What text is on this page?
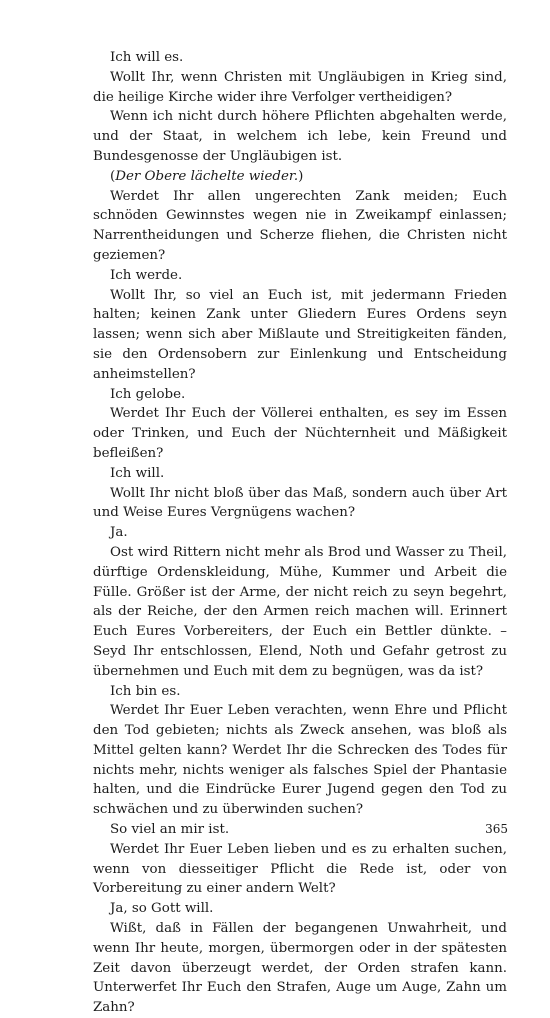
Ich will es.

Wollt Ihr, wenn Christen mit Ungläubigen in Krieg sind, die heilige Kirche wider ihre Verfolger vertheidigen?

Wenn ich nicht durch höhere Pflichten abgehalten werde, und der Staat, in welchem ich lebe, kein Freund und Bundesgenosse der Ungläubigen ist.

(Der Obere lächelte wieder.)

Werdet Ihr allen ungerechten Zank meiden; Euch schnöden Gewinnstes wegen nie in Zweikampf einlassen; Narrentheidungen und Scherze fliehen, die Christen nicht geziemen?

Ich werde.

Wollt Ihr, so viel an Euch ist, mit jedermann Frieden halten; keinen Zank unter Gliedern Eures Ordens seyn lassen; wenn sich aber Mißlaute und Streitigkeiten fänden, sie den Ordensobern zur Einlenkung und Entscheidung anheimstellen?

Ich gelobe.

Werdet Ihr Euch der Völlerei enthalten, es sey im Essen oder Trinken, und Euch der Nüchternheit und Mäßigkeit befleißen?

Ich will.

Wollt Ihr nicht bloß über das Maß, sondern auch über Art und Weise Eures Vergnügens wachen?

Ja.

Ost wird Rittern nicht mehr als Brod und Wasser zu Theil, dürftige Ordenskleidung, Mühe, Kummer und Arbeit die Fülle. Größer ist der Arme, der nicht reich zu seyn begehrt, als der Reiche, der den Armen reich machen will. Erinnert Euch Eures Vorbereiters, der Euch ein Bettler dünkte. – Seyd Ihr entschlossen, Elend, Noth und Gefahr getrost zu übernehmen und Euch mit dem zu begnügen, was da ist?

Ich bin es.

Werdet Ihr Euer Leben verachten, wenn Ehre und Pflicht den Tod gebieten; nichts als Zweck ansehen, was bloß als Mittel gelten kann? Werdet Ihr die Schrecken des Todes für nichts mehr, nichts weniger als falsches Spiel der Phantasie halten, und die Eindrücke Eurer Jugend gegen den Tod zu schwächen und zu überwinden suchen?

So viel an mir ist.

Werdet Ihr Euer Leben lieben und es zu erhalten suchen, wenn von diesseitiger Pflicht die Rede ist, oder von Vorbereitung zu einer andern Welt?

Ja, so Gott will.

Wißt, daß in Fällen der begangenen Unwahrheit, und wenn Ihr heute, morgen, übermorgen oder in der spätesten Zeit davon überzeugt werdet, der Orden strafen kann. Unterwerfet Ihr Euch den Strafen, Auge um Auge, Zahn um Zahn?

365
